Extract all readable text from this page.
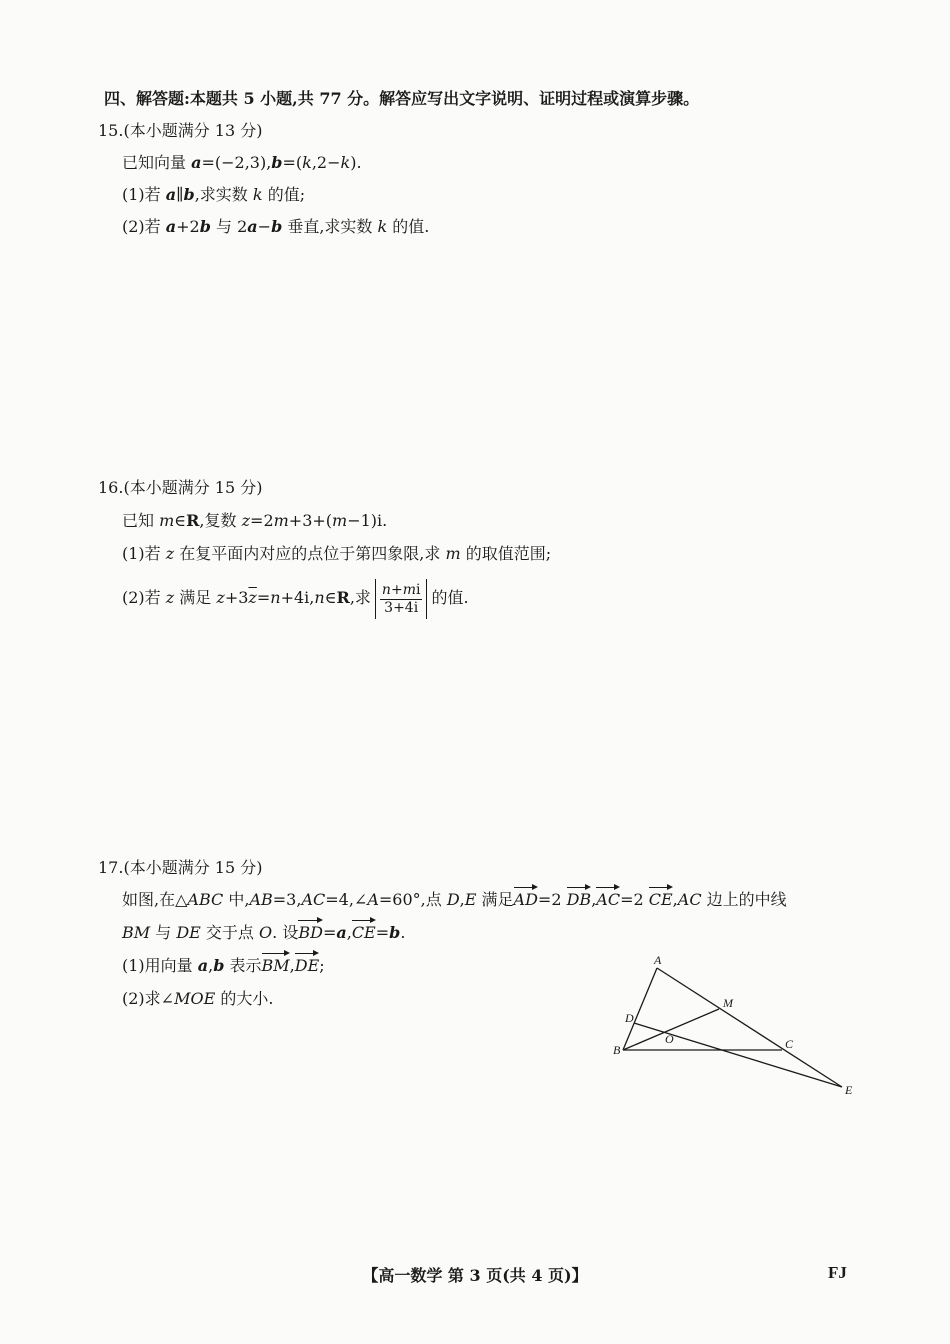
四、解答题:本题共 5 小题,共 77 分。解答应写出文字说明、证明过程或演算步骤。
15.(本小题满分 13 分)
已知向量 a=(−2,3),b=(k,2−k).
(1)若 a∥b,求实数 k 的值;
(2)若 a+2b 与 2a−b 垂直,求实数 k 的值.
16.(本小题满分 15 分)
已知 m∈R,复数 z=2m+3+(m−1)i.
(1)若 z 在复平面内对应的点位于第四象限,求 m 的取值范围;
(2)若 z 满足 $z+3\overline{z}=n+4i,n\in R$,求 $\frac{n+mi}{3+4i}$ 的值.
17.(本小题满分 15 分)
如图,在△ABC 中,AB=3,AC=4,∠A=60°,点 D,E 满足AD=2 DB,AC=2 CE,AC 边上的中线
BM 与 DE 交于点 O. 设BD=a,CE=b.
(1)用向量 a,b 表示BM,DE;
(2)求∠MOE 的大小.
A
M
D
O
B	C
E
【高一数学 第 3 页(共 4 页)】	FJ
